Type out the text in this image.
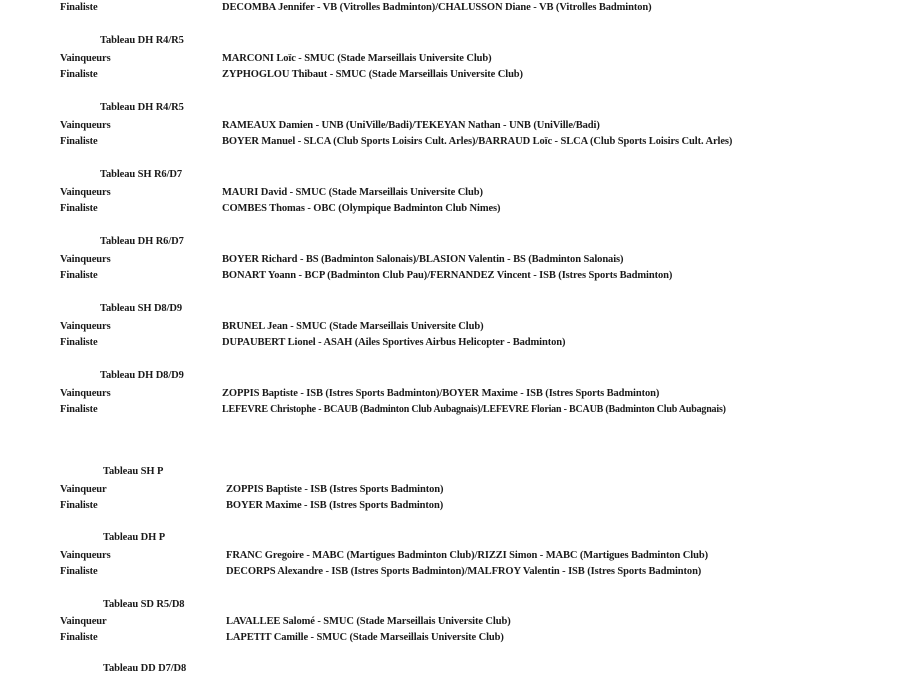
Finaliste	DECOMBA Jennifer - VB (Vitrolles Badminton)/CHALUSSON Diane - VB (Vitrolles Badminton)
Tableau DH R4/R5
Vainqueurs	MARCONI Loïc - SMUC (Stade Marseillais Universite Club)
Finaliste	ZYPHOGLOU Thibaut - SMUC (Stade Marseillais Universite Club)
Tableau DH R4/R5
Vainqueurs	RAMEAUX Damien - UNB (UniVille/Badi)/TEKEYAN Nathan - UNB (UniVille/Badi)
Finaliste	BOYER Manuel - SLCA (Club Sports Loisirs Cult. Arles)/BARRAUD Loïc - SLCA (Club Sports Loisirs Cult. Arles)
Tableau SH R6/D7
Vainqueurs	MAURI David - SMUC (Stade Marseillais Universite Club)
Finaliste	COMBES Thomas - OBC (Olympique Badminton Club Nimes)
Tableau DH R6/D7
Vainqueurs	BOYER Richard - BS (Badminton Salonais)/BLASION Valentin - BS (Badminton Salonais)
Finaliste	BONART Yoann - BCP (Badminton Club Pau)/FERNANDEZ Vincent - ISB (Istres Sports Badminton)
Tableau SH D8/D9
Vainqueurs	BRUNEL Jean - SMUC (Stade Marseillais Universite Club)
Finaliste	DUPAUBERT Lionel - ASAH (Ailes Sportives Airbus Helicopter - Badminton)
Tableau DH D8/D9
Vainqueurs	ZOPPIS Baptiste - ISB (Istres Sports Badminton)/BOYER Maxime - ISB (Istres Sports Badminton)
Finaliste	LEFEVRE Christophe - BCAUB (Badminton Club Aubagnais)/LEFEVRE Florian - BCAUB (Badminton Club Aubagnais)
Tableau SH P
Vainqueur	ZOPPIS Baptiste - ISB (Istres Sports Badminton)
Finaliste	BOYER Maxime - ISB (Istres Sports Badminton)
Tableau DH P
Vainqueurs	FRANC Gregoire - MABC (Martigues Badminton Club)/RIZZI Simon - MABC (Martigues Badminton Club)
Finaliste	DECORPS Alexandre - ISB (Istres Sports Badminton)/MALFROY Valentin - ISB (Istres Sports Badminton)
Tableau SD R5/D8
Vainqueur	LAVALLEE Salomé - SMUC (Stade Marseillais Universite Club)
Finaliste	LAPETIT Camille - SMUC (Stade Marseillais Universite Club)
Tableau DD D7/D8
